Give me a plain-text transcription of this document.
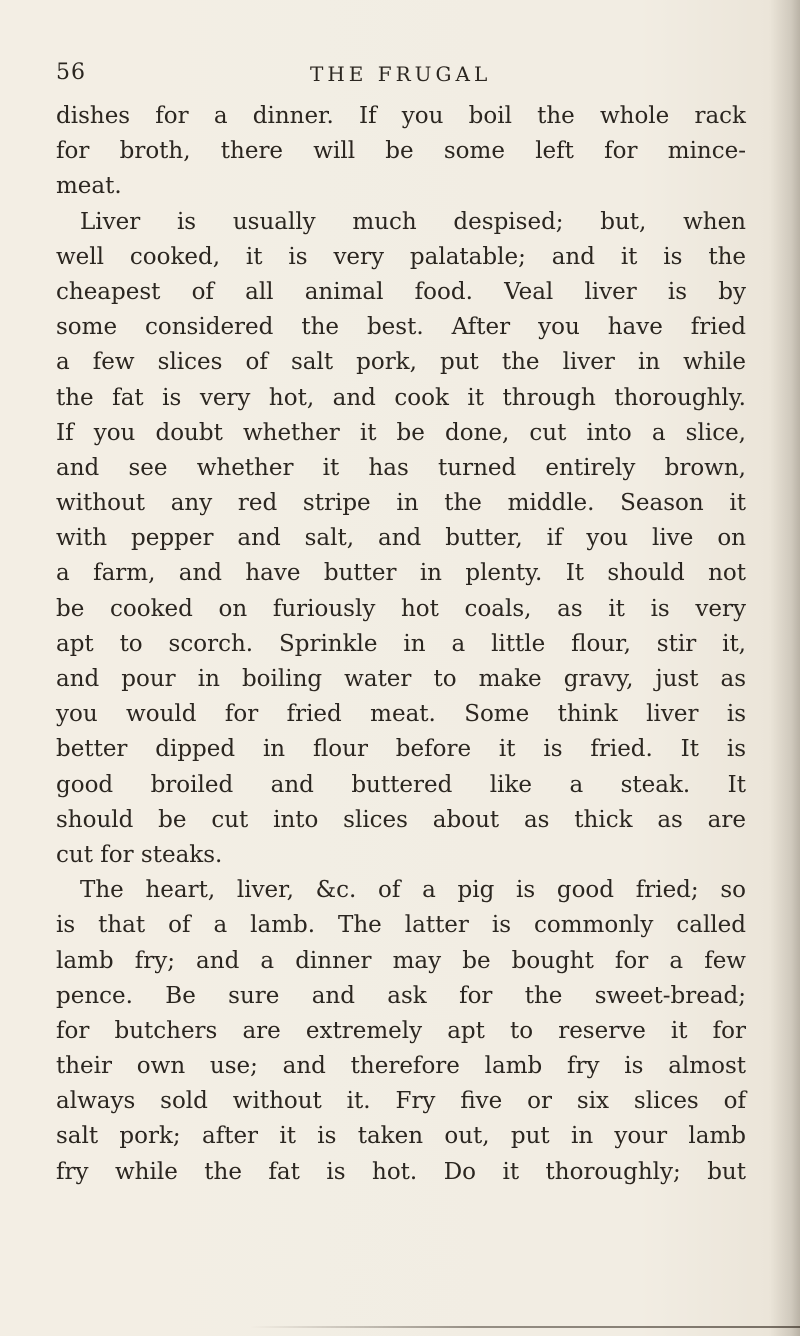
56	THE FRUGAL
dishes for a dinner. If you boil the whole rack
for broth, there will be some left for mince-
meat.
Liver is usually much despised; but, when
well cooked, it is very palatable; and it is the
cheapest of all animal food. Veal liver is by
some considered the best. After you have fried
a few slices of salt pork, put the liver in while
the fat is very hot, and cook it through thoroughly.
If you doubt whether it be done, cut into a slice,
and see whether it has turned entirely brown,
without any red stripe in the middle. Season it
with pepper and salt, and butter, if you live on
a farm, and have butter in plenty. It should not
be cooked on furiously hot coals, as it is very
apt to scorch. Sprinkle in a little flour, stir it,
and pour in boiling water to make gravy, just as
you would for fried meat. Some think liver is
better dipped in flour before it is fried. It is
good broiled and buttered like a steak. It
should be cut into slices about as thick as are
cut for steaks.
The heart, liver, &c. of a pig is good fried; so
is that of a lamb. The latter is commonly called
lamb fry; and a dinner may be bought for a few
pence. Be sure and ask for the sweet-bread;
for butchers are extremely apt to reserve it for
their own use; and therefore lamb fry is almost
always sold without it. Fry five or six slices of
salt pork; after it is taken out, put in your lamb
fry while the fat is hot. Do it thoroughly; but
